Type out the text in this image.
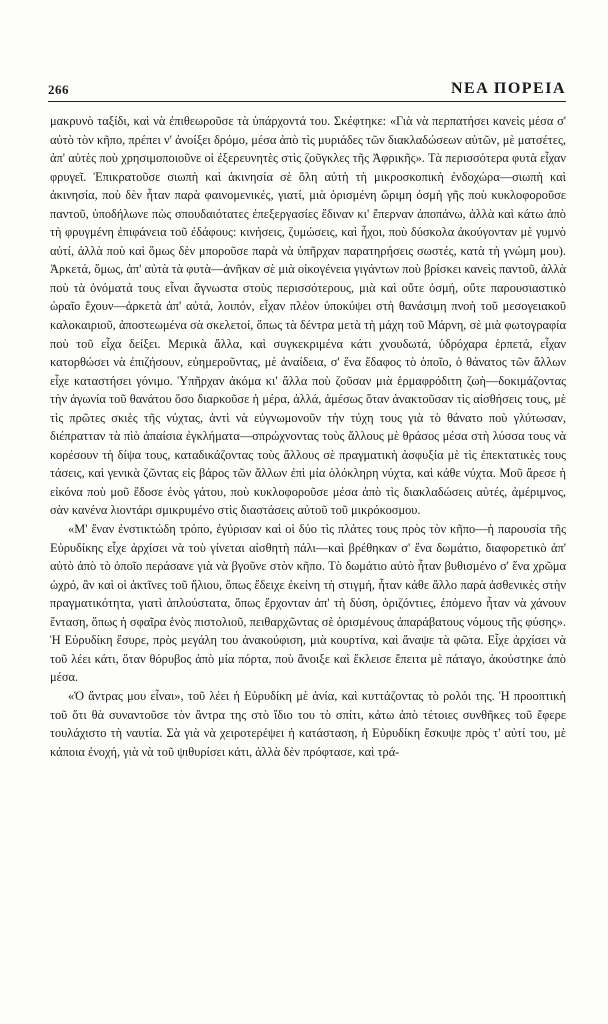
266	ΝΕΑ ΠΟΡΕΙΑ

μακρυνὸ ταξίδι, καὶ νὰ ἐπιθεωροῦσε τὰ ὑπάρχοντά του. Σκέφτηκε: «Γιὰ νὰ περπατήσει κανεὶς μέσα σ' αὐτὸ τὸν κῆπο, πρέπει ν' ἀνοίξει δρόμο, μέσα ἀπὸ τὶς μυριάδες τῶν διακλαδώσεων αὐτῶν, μὲ ματσέτες, ἀπ' αὐτὲς ποὺ χρησιμοποιοῦνε οἱ ἐξερευνητὲς στὶς ζοῦγκλες τῆς Ἀφρικῆς». Τὰ περισσότερα φυτὰ εἶχαν φρυγεῖ. Ἐπικρατοῦσε σιωπὴ καὶ ἀκινησία σὲ ὅλη αὐτὴ τὴ μικροσκοπικὴ ἐνδοχώρα—σιωπὴ καὶ ἀκινησία, ποὺ δὲν ἦταν παρὰ φαινομενικές, γιατί, μιὰ ὁρισμένη ὥριμη ὀσμὴ γῆς ποὺ κυκλοφοροῦσε παντοῦ, ὑποδήλωνε πὼς σπουδαιότατες ἐπεξεργασίες ἔδιναν κι' ἔπερναν ἀποπάνω, ἀλλὰ καὶ κάτω ἀπὸ τὴ φρυγμένη ἐπιφάνεια τοῦ ἐδάφους: κινήσεις, ζυμώσεις, καὶ ἦχοι, ποὺ δύσκολα ἀκούγονταν μὲ γυμνὸ αὐτί, ἀλλὰ ποὺ καὶ ὅμως δὲν μποροῦσε παρὰ νὰ ὑπῆρχαν παρατηρήσεις σωστές, κατὰ τὴ γνώμη μου). Ἀρκετά, ὅμως, ἀπ' αὐτὰ τὰ φυτὰ—ἀνῆκαν σὲ μιὰ οἰκογένεια γιγάντων ποὺ βρίσκει κανεὶς παντοῦ, ἀλλὰ ποὺ τὰ ὀνόματά τους εἶναι ἄγνωστα στοὺς περισσότερους, μιὰ καὶ οὔτε ὀσμή, οὔτε παρουσιαστικὸ ὡραῖο ἔχουν—ἀρκετὰ ἀπ' αὐτά, λοιπόν, εἶχαν πλέον ὑποκύψει στὴ θανάσιμη πνοὴ τοῦ μεσογειακοῦ καλοκαιριοῦ, ἀποστεωμένα σὰ σκελετοί, ὅπως τὰ δέντρα μετὰ τὴ μάχη τοῦ Μάρνη, σὲ μιὰ φωτογραφία ποὺ τοῦ εἶχα δείξει. Μερικὰ ἄλλα, καὶ συγκεκριμένα κάτι χνουδωτά, ὑδρόχαρα ἑρπετά, εἶχαν κατορθώσει νὰ ἐπιζήσουν, εὐημεροῦντας, μὲ ἀναίδεια, σ' ἕνα ἔδαφος τὸ ὁποῖο, ὁ θάνατος τῶν ἄλλων εἶχε καταστήσει γόνιμο. Ὑπῆρχαν ἀκόμα κι' ἄλλα ποὺ ζοῦσαν μιὰ ἑρμαφρόδιτη ζωὴ—δοκιμάζοντας τὴν ἀγωνία τοῦ θανάτου ὅσο διαρκοῦσε ἡ μέρα, ἀλλά, ἀμέσως ὅταν ἀνακτοῦσαν τὶς αἰσθήσεις τους, μὲ τὶς πρῶτες σκιὲς τῆς νύχτας, ἀντὶ νὰ εὐγνωμονοῦν τὴν τύχη τους γιὰ τὸ θάνατο ποὺ γλύτωσαν, διέπρατταν τὰ πὶὸ ἀπαίσια ἐγκλήματα—σπρώχνοντας τοὺς ἄλλους μὲ θράσος μέσα στὴ λύσσα τους νὰ κορέσουν τὴ δίψα τους, καταδικάζοντας τοὺς ἄλλους σὲ πραγματικὴ ἀσφυξία μὲ τὶς ἐπεκτατικὲς τους τάσεις, καὶ γενικὰ ζῶντας εἰς βάρος τῶν ἄλλων ἐπὶ μία ὁλόκληρη νύχτα, καὶ κάθε νύχτα. Μοῦ ἄρεσε ἡ εἰκόνα ποὺ μοῦ ἔδοσε ἑνὸς γάτου, ποὺ κυκλοφοροῦσε μέσα ἀπὸ τὶς διακλαδώσεις αὐτές, ἀμέριμνος, σὰν κανένα λιοντάρι σμικρυμένο στὶς διαστάσεις αὐτοῦ τοῦ μικρόκοσμου.

«Μ' ἕναν ἐνστικτώδη τρόπο, ἐγύρισαν καὶ οἱ δύο τὶς πλάτες τους πρὸς τὸν κῆπο—ἡ παρουσία τῆς Εὐρυδίκης εἶχε ἀρχίσει νὰ τοὺ γίνεται αἰσθητὴ πάλι—καὶ βρέθηκαν σ' ἕνα δωμάτιο, διαφορετικὸ ἀπ' αὐτὸ ἀπὸ τὸ ὁποῖο περάσανε γιὰ νὰ βγοῦνε στὸν κῆπο. Τὸ δωμάτιο αὐτὸ ἦταν βυθισμένο σ' ἕνα χρῶμα ὠχρό, ἂν καὶ οἱ ἀκτῖνες τοῦ ἥλιου, ὅπως ἔδειχε ἐκείνη τὴ στιγμή, ἦταν κάθε ἄλλο παρὰ ἀσθενικὲς στὴν πραγματικότητα, γιατὶ ἁπλούστατα, ὅπως ἔρχονταν ἀπ' τὴ δύση, ὁριζόντιες, ἑπόμενο ἦταν νὰ χάνουν ἔνταση, ὅπως ἡ σφαῖρα ἑνὸς πιστολιοῦ, πειθαρχῶντας σὲ ὁρισμένους ἀπαράβατους νόμους τῆς φύσης». Ἡ Εὐρυδίκη ἔσυρε, πρὸς μεγάλη του ἀνακούφιση, μιὰ κουρτίνα, καὶ ἄναψε τὰ φῶτα. Εἶχε ἀρχίσει νὰ τοῦ λέει κάτι, ὅταν θόρυβος ἀπὸ μία πόρτα, ποὺ ἄνοιξε καὶ ἔκλεισε ἔπειτα μὲ πάταγο, ἀκούστηκε ἀπὸ μέσα.

«Ὁ ἄντρας μου εἶναι», τοῦ λέει ἡ Εὐρυδίκη μὲ ἀνία, καὶ κυττάζοντας τὸ ρολόι της. Ἡ προοπτικὴ τοῦ ὅτι θὰ συναντοῦσε τὸν ἄντρα της στὸ ἴδιο του τὸ σπίτι, κάτω ἀπὸ τέτοιες συνθῆκες τοῦ ἔφερε τουλάχιστο τὴ ναυτία. Σὰ γιὰ νὰ χειροτερέψει ἡ κατάσταση, ἡ Εὐρυδίκη ἔσκυψε πρὸς τ' αὐτί του, μὲ κάποια ἐνοχή, γιὰ νὰ τοῦ ψιθυρίσει κάτι, ἀλλὰ δὲν πρόφτασε, καὶ τρά-
